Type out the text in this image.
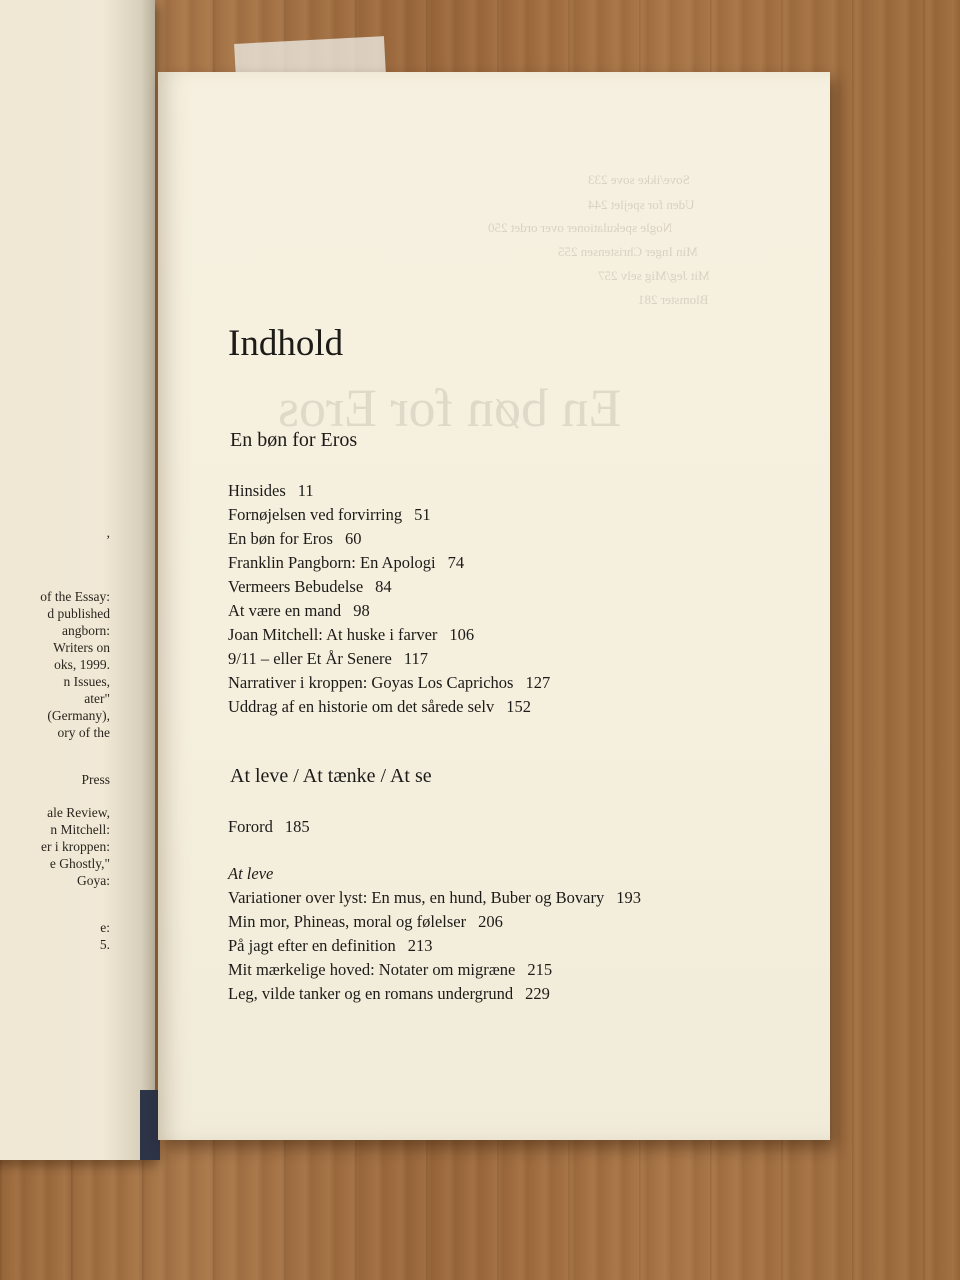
,
of the Essay:
d published
angborn:
Writers on
oks, 1999.
n Issues,
ater"
(Germany),
ory of the
Press
ale Review,
n Mitchell:
er i kroppen:
e Ghostly,"
Goya:
e:
5.
Sove/ikke sove 233
Uden for spejlet 244
Nogle spekulationer over ordet 250
Min Inger Christensen 255
Mit Jeg/Mig selv 257
Blomster 281
En bøn for Eros
Indhold
En bøn for Eros
Hinsides 11
Fornøjelsen ved forvirring 51
En bøn for Eros 60
Franklin Pangborn: En Apologi 74
Vermeers Bebudelse 84
At være en mand 98
Joan Mitchell: At huske i farver 106
9/11 – eller Et År Senere 117
Narrativer i kroppen: Goyas Los Caprichos 127
Uddrag af en historie om det sårede selv 152
At leve / At tænke / At se
Forord 185
At leve
Variationer over lyst: En mus, en hund, Buber og Bovary 193
Min mor, Phineas, moral og følelser 206
På jagt efter en definition 213
Mit mærkelige hoved: Notater om migræne 215
Leg, vilde tanker og en romans undergrund 229
